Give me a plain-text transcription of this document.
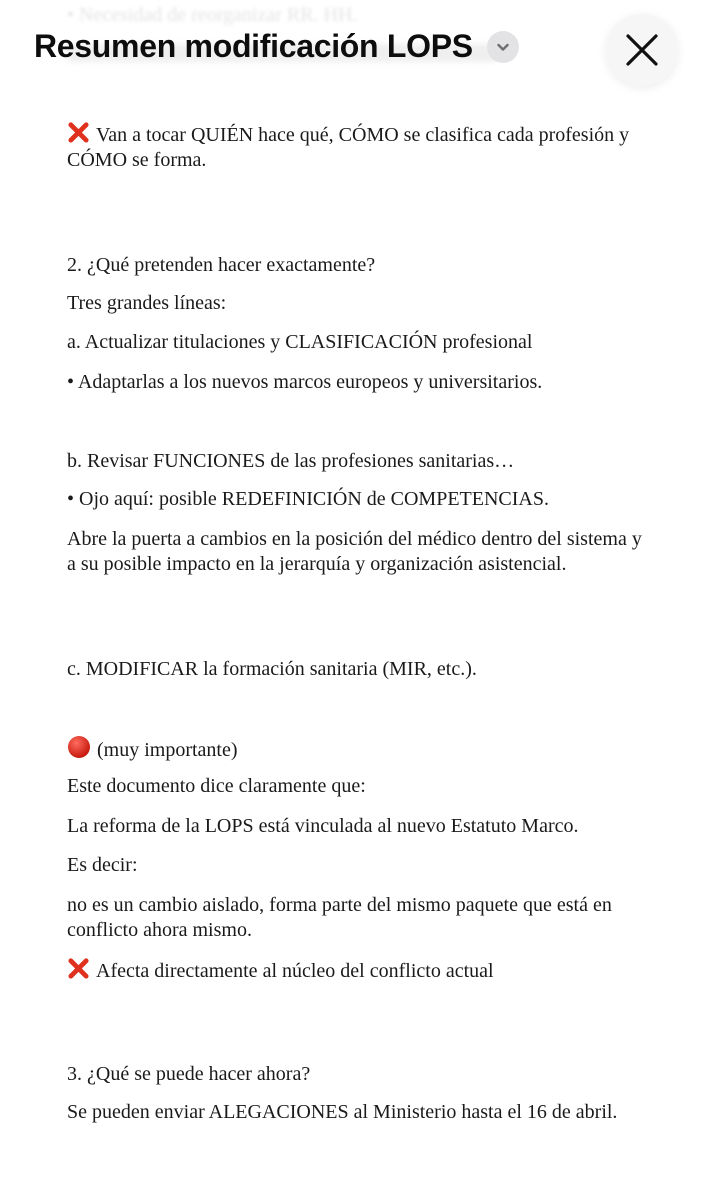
• Necesidad de reorganizar RR. HH.
Resumen modificación LOPS

Van a tocar QUIÉN hace qué, CÓMO se clasifica cada profesión y CÓMO se forma.

2. ¿Qué pretenden hacer exactamente?

Tres grandes líneas:

a. Actualizar titulaciones y CLASIFICACIÓN profesional

• Adaptarlas a los nuevos marcos europeos y universitarios.

b. Revisar FUNCIONES de las profesiones sanitarias…

• Ojo aquí: posible REDEFINICIÓN de COMPETENCIAS.

Abre la puerta a cambios en la posición del médico dentro del sistema y a su posible impacto en la jerarquía y organización asistencial.

c. MODIFICAR la formación sanitaria (MIR, etc.).

(muy importante)

Este documento dice claramente que:

La reforma de la LOPS está vinculada al nuevo Estatuto Marco.

Es decir:

no es un cambio aislado, forma parte del mismo paquete que está en conflicto ahora mismo.

Afecta directamente al núcleo del conflicto actual

3. ¿Qué se puede hacer ahora?

Se pueden enviar ALEGACIONES al Ministerio hasta el 16 de abril.
